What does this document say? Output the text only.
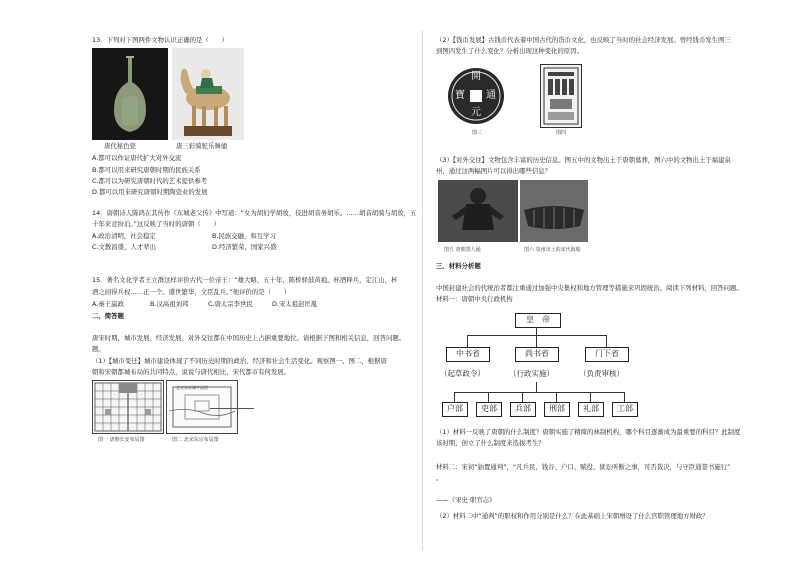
13．下列对下图两件文物认识正确的是（　　）
唐代秘色瓷	唐三彩骑驼乐舞俑
A.都可以作证唐代扩大对外交流
B.都可以用来研究唐朝时期的民族关系
C.都可以为研究唐朝时代的艺术提供参考
D.都可以用来研究唐朝时期陶瓷业的发展
14．唐朝诗人陈鸿在其传作《东城老父传》中写道：“女为胡妇学胡妆，伎进胡音务胡乐。……胡音胡骑与胡妆，五
十年来竞纷泊。”这反映了当时的唐朝（　　）
A.政治清明，社会稳定	B.民族交融，和互学习
C.文教昌盛，人才辈出	D.经济繁荣，国家兴盛
15．著名文化学者王立群这样评价古代一位帝王：“雄大略，五十年，陈桥驿鼓黄袍。杯酒释兵，定江山，杯
酒之间得兵权……正一个。盛世繁华，文臣乱兵。”他评价的是（　　）
A.秦王嬴政	B.汉高祖刘邦	C.唐太宗李世民	D.宋太祖赵匡胤
二、简答题
唐宋时期，城市发展、经济发展、对外交往都在中国历史上占据重要地位。请根据下图和相关信息，回答问题。
题。
（1）【城市变迁】城市建设体现了不同历史时期的政治、经济和社会生活变化。观察图一、图二，根据唐
朝和宋朝都城布局的共同特点，说说与唐代相比，宋代都市有何发展。
北宋东京城平面图
图一 唐朝长安布局图	图二 北宋东京布局图
（2）【钱币发展】古钱币代表着中国古代的货币文化，也反映了当时的社会经济发展。曾经钱币发生图三
到图四发生了什么变化？分析出现这种变化的原因。
開
通
元
寶
图三	图四
（3）【对外交往】文物包含丰富的历史信息。图五中的文物出土于唐朝墓葬，图六中的文物出土于福建泉
州，通过这两幅图片可以得出哪些信息？
图五 唐朝黑人俑	图六 泉州出土的宋代海船
三、材料分析题
中国封建社会的代统治者都注重通过加强中央集权和地方管理等措施来巩固统治。阅读下列材料，回答问题。
材料一：唐朝中央行政机构
皇　帝
中书省	尚书省	门下省
（起草政令）	（行政实施）	（负责审核）
户部	吏部	兵部	刑部	礼部	工部
（1）材料一反映了唐朝的什么制度？唐朝实施了精简的林制机构，哪个科目逐渐成为最重要的科目？此制度
该时期，创立了什么制度来选拔考生？
材料二：宋初“始置通判”，“凡兵民、钱谷、户口、赋役、狱讼听断之事，可否裁决，与守臣通签书施行”
。
——《宋史·职官志》
（2）材料二中“通判”的职权和作用分别是什么？在此基础上宋朝增设了什么官职管理地方财政？
